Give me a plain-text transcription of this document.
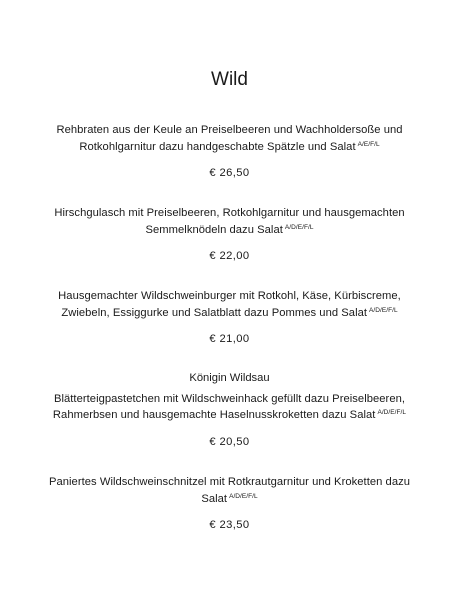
Wild
Rehbraten aus der Keule an Preiselbeeren und Wachholdersoße und
Rotkohlgarnitur dazu handgeschabte Spätzle und Salat $^{A/E/F/L}$
€ 26,50
Hirschgulasch mit Preiselbeeren, Rotkohlgarnitur und hausgemachten
Semmelknödeln dazu Salat $^{A/D/E/F/L}$
€ 22,00
Hausgemachter Wildschweinburger mit Rotkohl, Käse, Kürbiscreme,
Zwiebeln, Essiggurke und Salatblatt dazu Pommes und Salat $^{A/D/E/F/L}$
€ 21,00
Königin Wildsau
Blätterteigpastetchen mit Wildschweinhack gefüllt dazu Preiselbeeren,
Rahmerbsen und hausgemachte Haselnusskroketten dazu Salat $^{A/D/E/F/L}$
€ 20,50
Paniertes Wildschweinschnitzel mit Rotkrautgarnitur und Kroketten dazu
Salat $^{A/D/E/F/L}$
€ 23,50
